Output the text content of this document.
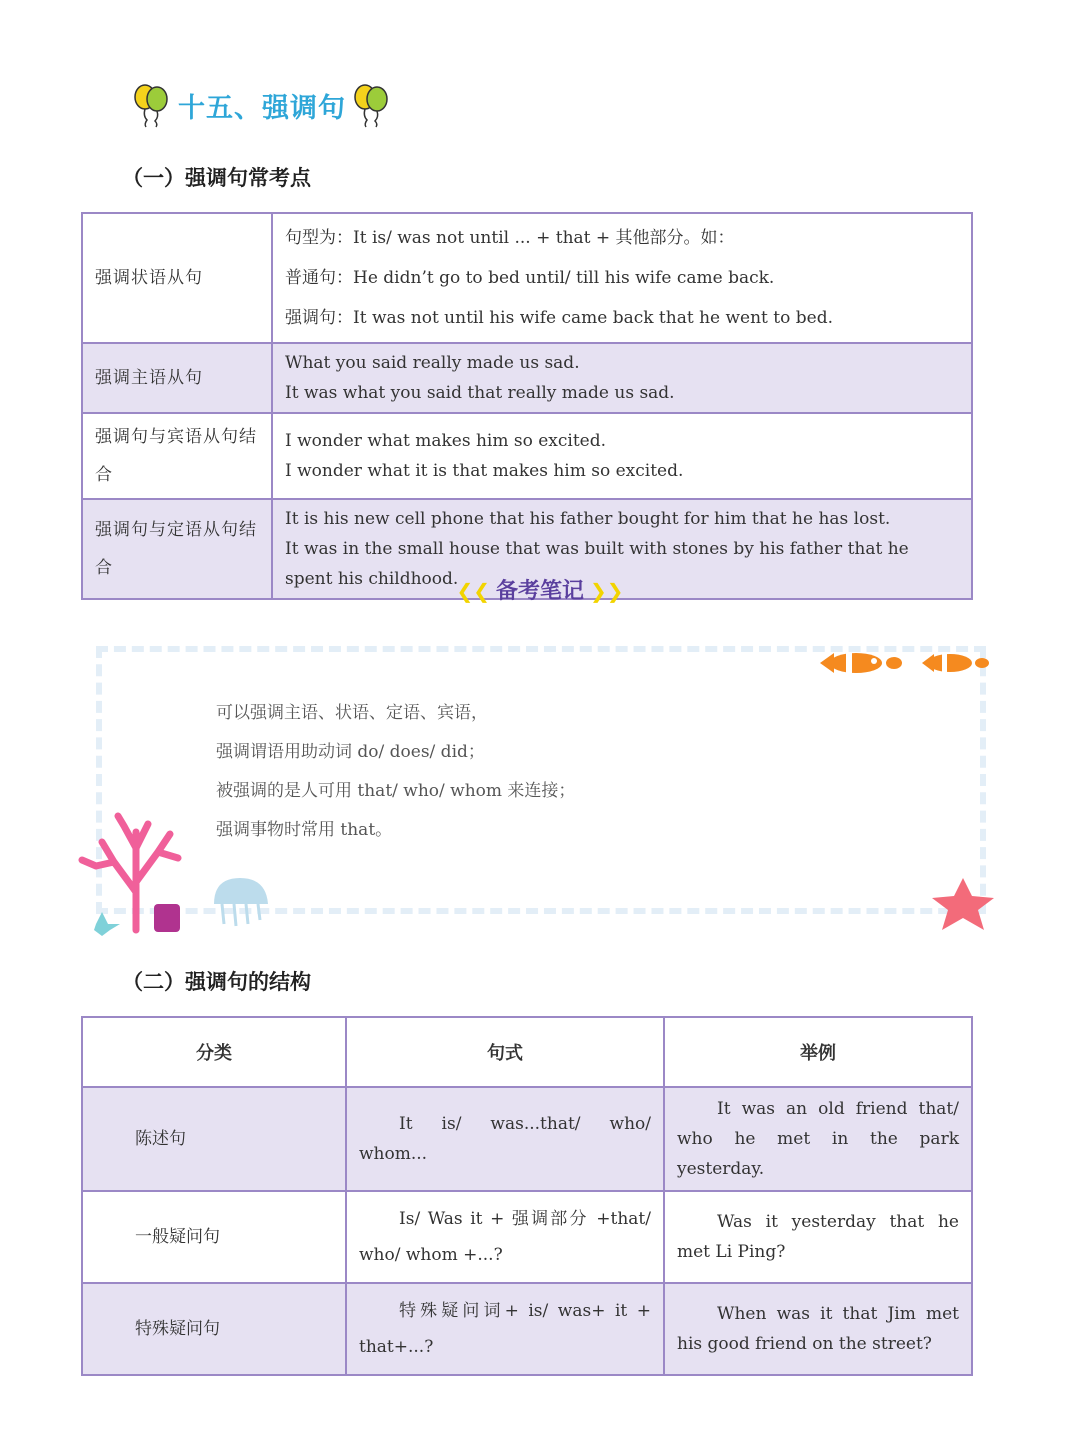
十五、强调句
（一）强调句常考点
强调状语从句	句型为：It is/ was not until ... + that + 其他部分。如：
普通句：He didn’t go to bed until/ till his wife came back.
强调句：It was not until his wife came back that he went to bed.

强调主语从句	What you said really made us sad.
It was what you said that really made us sad.

强调句与宾语从句结合	I wonder what makes him so excited.
I wonder what it is that makes him so excited.

强调句与定语从句结合	It is his new cell phone that his father bought for him that he has lost.
It was in the small house that was built with stones by his father that he spent his childhood.
❮❮ 备考笔记 ❯❯
可以强调主语、状语、定语、宾语，
强调谓语用助动词 do/ does/ did；
被强调的是人可用 that/ who/ whom 来连接；
强调事物时常用 that。
（二）强调句的结构
分类	句式	举例
陈述句	It is/ was...that/ who/ whom...	It was an old friend that/ who he met in the park yesterday.
一般疑问句	Is/ Was it + 强调部分 +that/ who/ whom +...?	Was it yesterday that he met Li Ping?
特殊疑问句	特殊疑问词+ is/ was+ it + that+...?	When was it that Jim met his good friend on the street?
